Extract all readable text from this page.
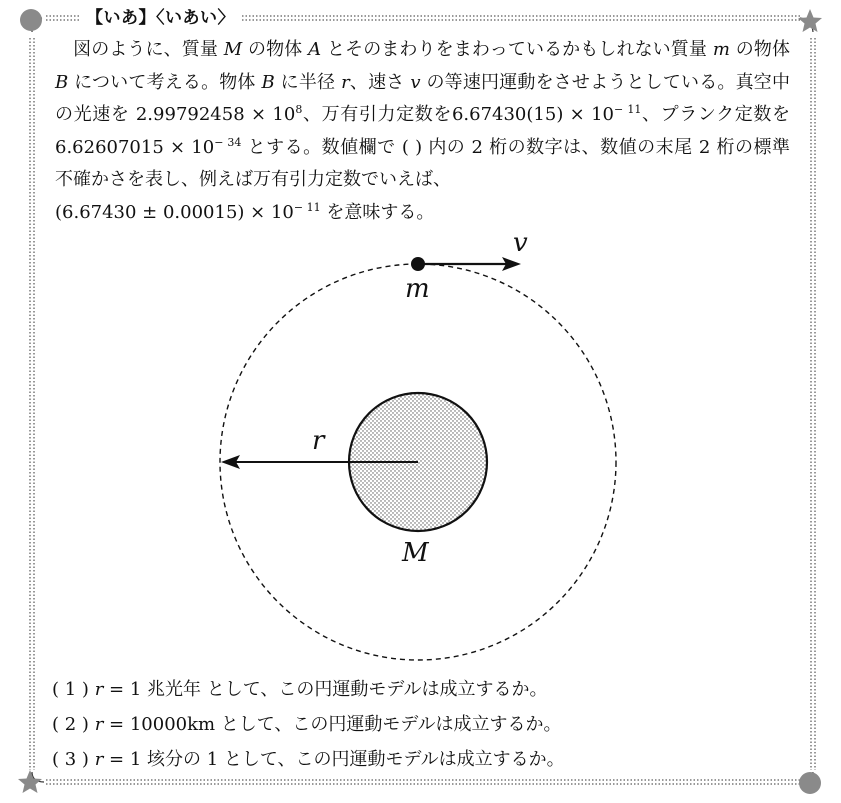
【いあ】〈いあい〉

図のように、質量 M の物体 A とそのまわりをまわっているかもしれない質量 m の物体 B について考える。物体 B に半径 r、速さ v の等速円運動をさせようとしている。真空中の光速を $2.99792458 \times 10^8$、万有引力定数を$6.67430(15) \times 10^{- 11}$、プランク定数を $6.62607015 \times 10^{- 34}$ とする。数値欄で ( ) 内の 2 桁の数字は、数値の末尾 2 桁の標準不確かさを表し、例えば万有引力定数でいえば、
$(6.67430 \pm 0.00015) \times 10^{- 11}$ を意味する。

v
m
r
M
( 1 ) r = 1 兆光年 として、この円運動モデルは成立するか。
( 2 ) r = 10000km として、この円運動モデルは成立するか。
( 3 ) r = 1 垓分の 1 として、この円運動モデルは成立するか。
